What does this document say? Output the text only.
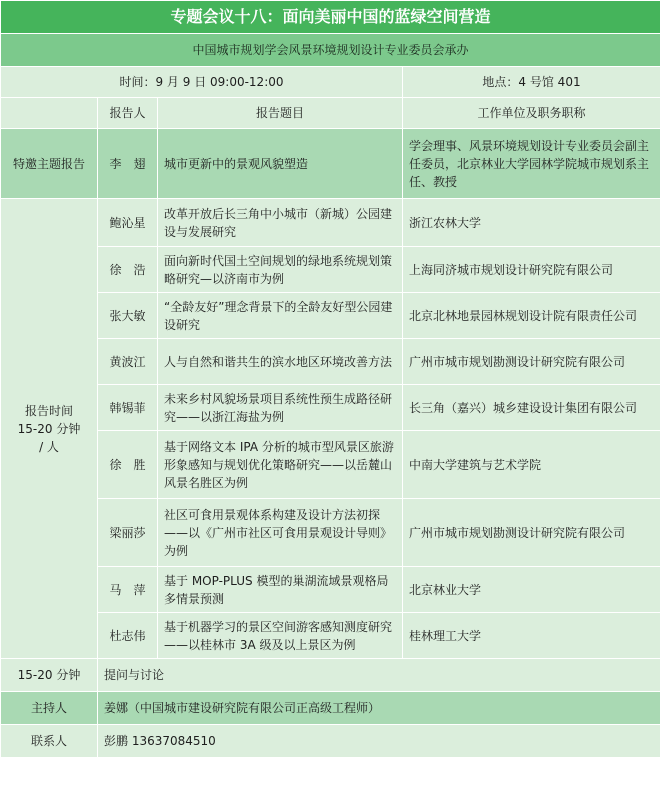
专题会议十八：面向美丽中国的蓝绿空间营造			
中国城市规划学会风景环境规划设计专业委员会承办			
时间：9 月 9 日 09:00-12:00			地点：4 号馆 401
	报告人	报告题目	工作单位及职务职称
特邀主题报告	李　翅	城市更新中的景观风貌塑造	学会理事、风景环境规划设计专业委员会副主任委员，北京林业大学园林学院城市规划系主任、教授
报告时间 15-20 分钟 / 人	鲍沁星	改革开放后长三角中小城市（新城）公园建设与发展研究	浙江农林大学
	徐　浩	面向新时代国土空间规划的绿地系统规划策略研究—以济南市为例	上海同济城市规划设计研究院有限公司
	张大敏	“全龄友好”理念背景下的全龄友好型公园建设研究	北京北林地景园林规划设计院有限责任公司
	黄波江	人与自然和谐共生的滨水地区环境改善方法	广州市城市规划勘测设计研究院有限公司
	韩锡菲	未来乡村风貌场景项目系统性预生成路径研究——以浙江海盐为例	长三角（嘉兴）城乡建设设计集团有限公司
	徐　胜	基于网络文本 IPA 分析的城市型风景区旅游形象感知与规划优化策略研究——以岳麓山风景名胜区为例	中南大学建筑与艺术学院
	梁丽莎	社区可食用景观体系构建及设计方法初探——以《广州市社区可食用景观设计导则》为例	广州市城市规划勘测设计研究院有限公司
	马　萍	基于 MOP-PLUS 模型的巢湖流域景观格局多情景预测	北京林业大学
	杜志伟	基于机器学习的景区空间游客感知测度研究——以桂林市 3A 级及以上景区为例	桂林理工大学
15-20 分钟	提问与讨论		
主持人	姜娜（中国城市建设研究院有限公司正高级工程师）		
联系人	彭鹏 13637084510		
